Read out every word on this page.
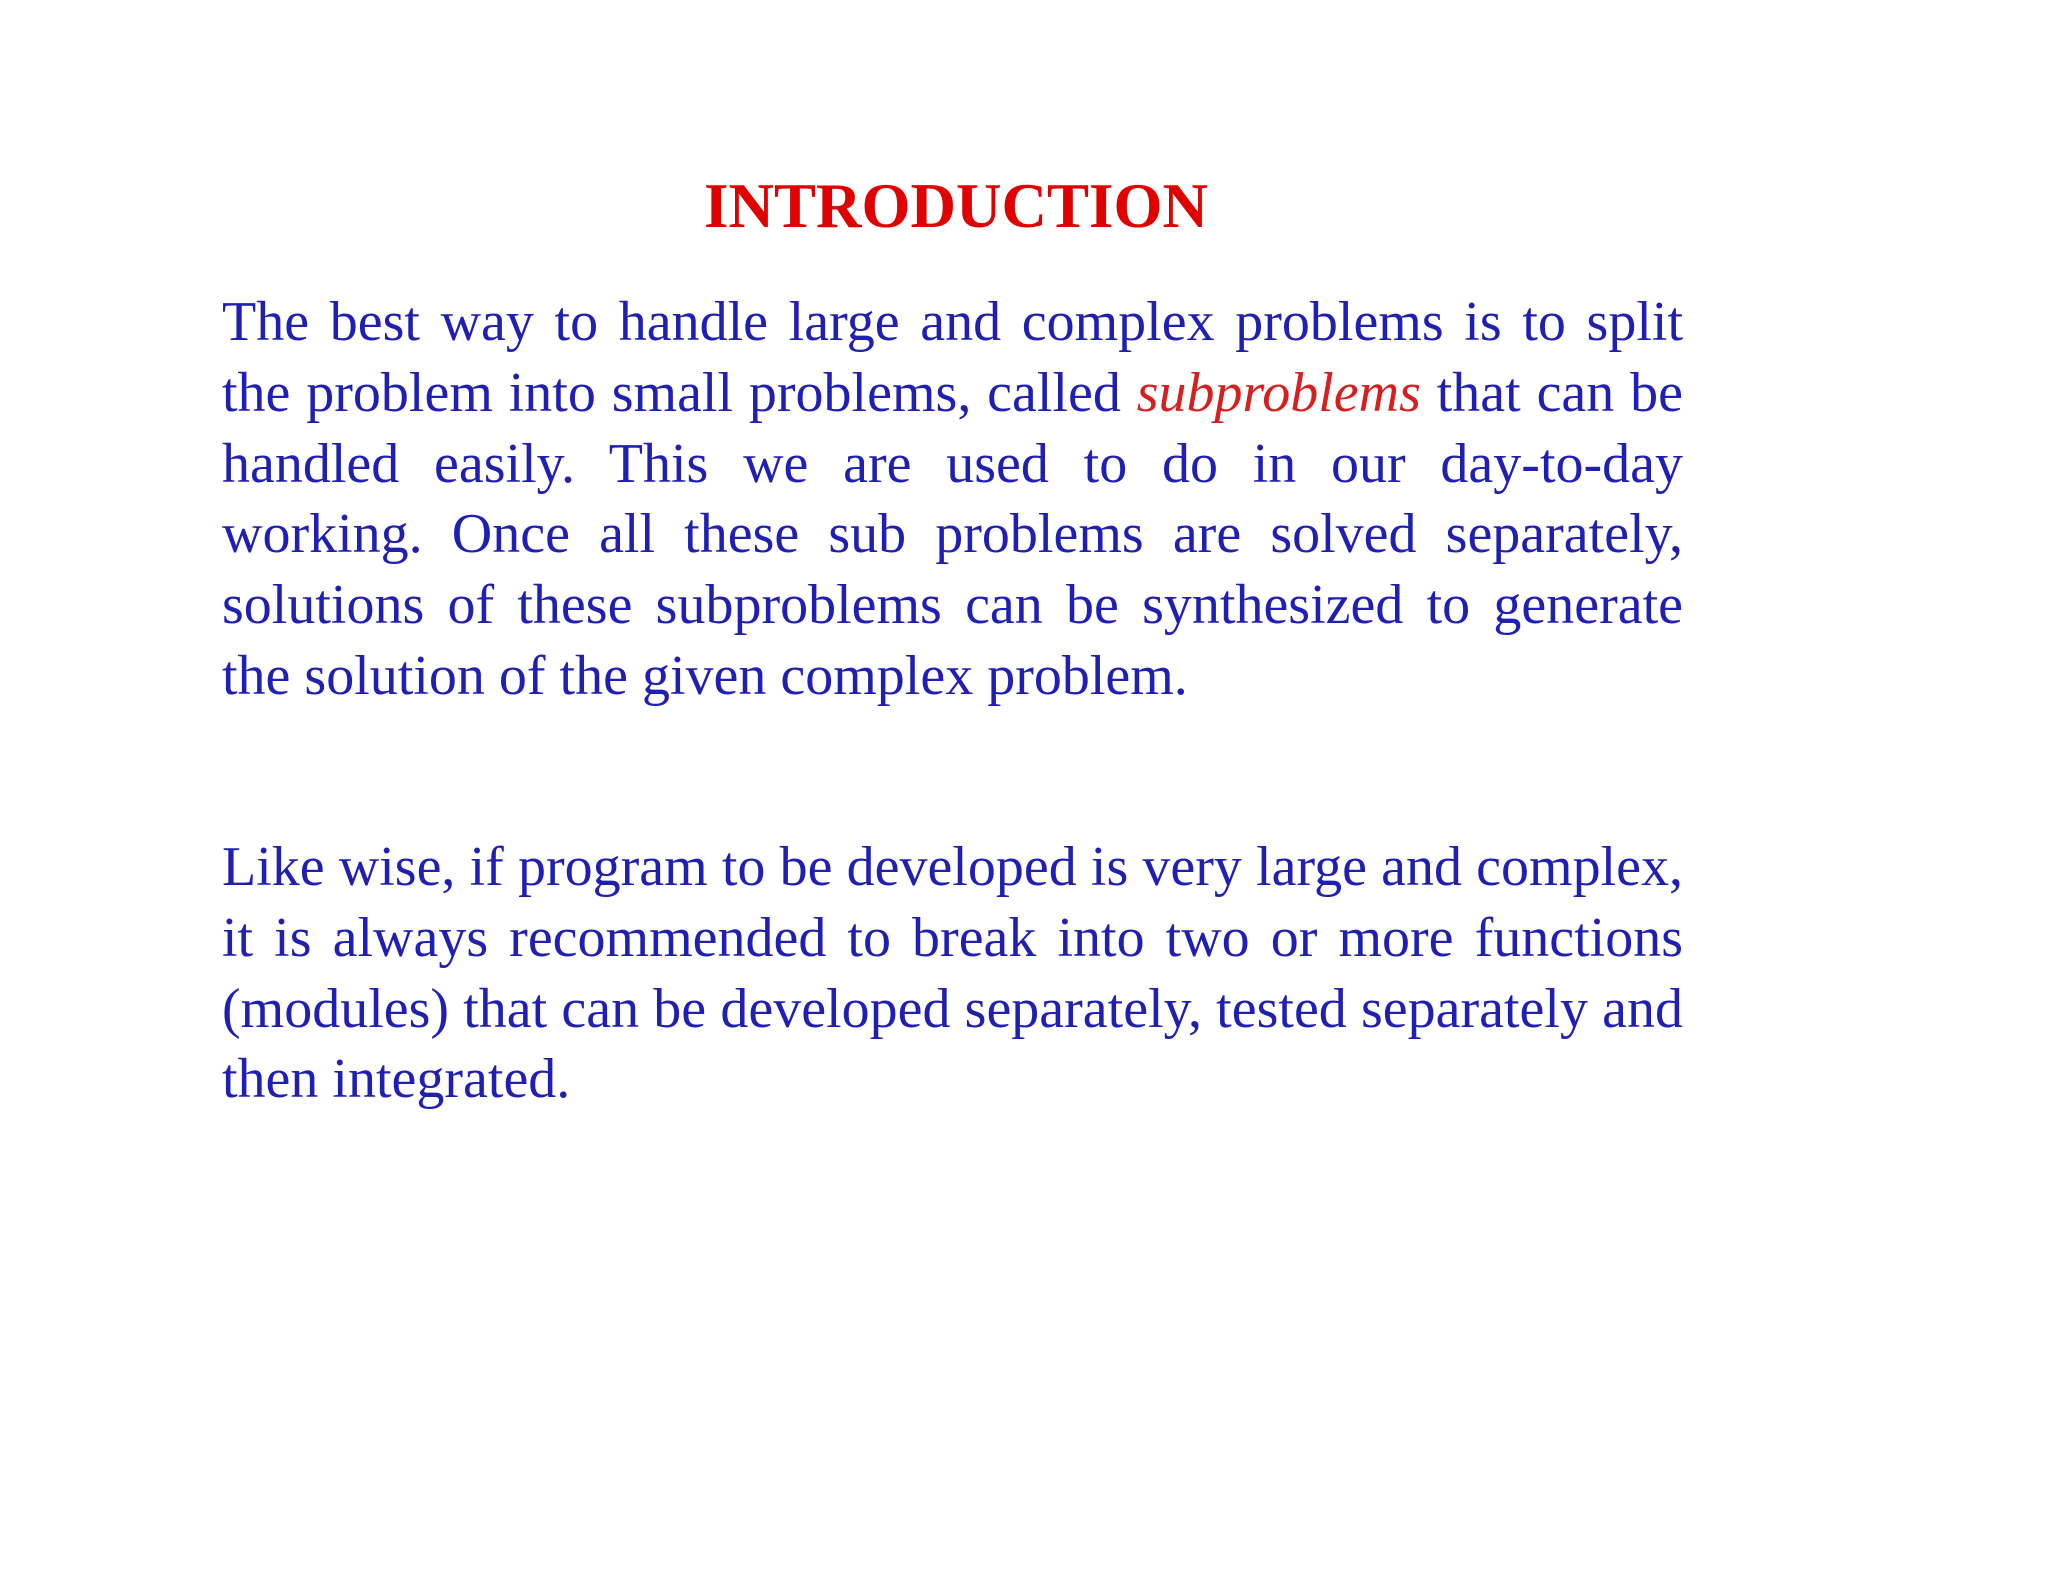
INTRODUCTION

The best way to handle large and complex problems is to split the problem into small problems, called subproblems that can be handled easily. This we are used to do in our day-to-day working. Once all these sub problems are solved separately, solutions of these subproblems can be synthesized to generate the solution of the given complex problem.

Like wise, if program to be developed is very large and complex, it is always recommended to break into two or more functions (modules) that can be developed separately, tested separately and then integrated.
